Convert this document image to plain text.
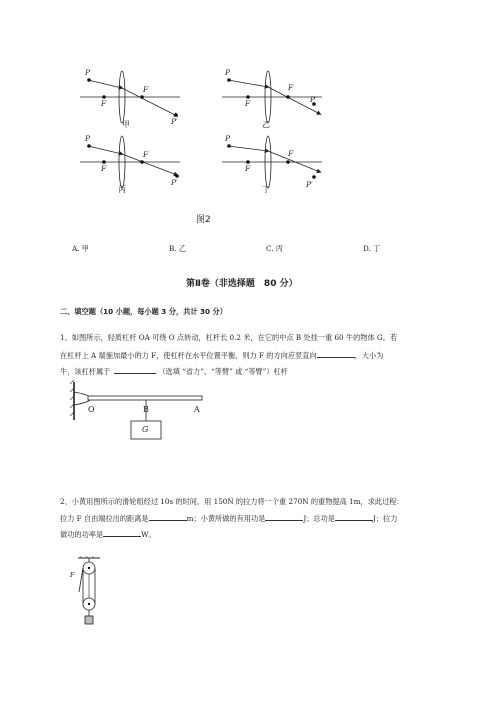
P
F
F
P′
甲
P
F
F
P′
乙
P
F
F
P′
丙
P
F
F
P′
丁
图2
A. 甲	B. 乙	C. 丙	D. 丁
第Ⅱ卷（非选择题　80 分）
二、填空题（10 小题，每小题 3 分，共计 30 分）
1、如图所示，轻质杠杆 OA 可绕 O 点转动，杠杆长 0.2 米，在它的中点 B 处挂一重 60 牛的物体 G。若
在杠杆上 A 端施加最小的力 F，使杠杆在水平位置平衡，则力 F 的方向应竖直向	，大小为
牛，该杠杆属于	（选填 “省力”、“等臂” 或 “等臂”）杠杆
O	B	A
G
2、小黄用图所示的滑轮组经过 10s 的时间，用 150N 的拉力将一个重 270N 的重物提高 1m，求此过程：
拉力 F 自由端拉出的距离是	m；小黄所做的有用功是	J；总功是	J；拉力
做功的功率是	W。
F
